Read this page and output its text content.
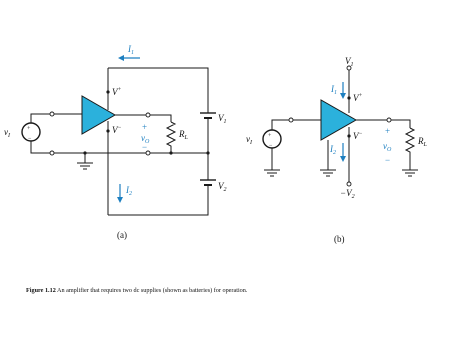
+
−
$v_I$
V+
V−
$R_L$
+
$v_O$
−
$V_1$
$V_2$
$I_1$
$I_2$
(a)
+
−
$v_I$
$V_1$
V+
$-V_2$
V−
$R_L$
+
$v_O$
−
$I_1$
$I_2$
(b)
Figure 1.12 An amplifier that requires two dc supplies (shown as batteries) for operation.
